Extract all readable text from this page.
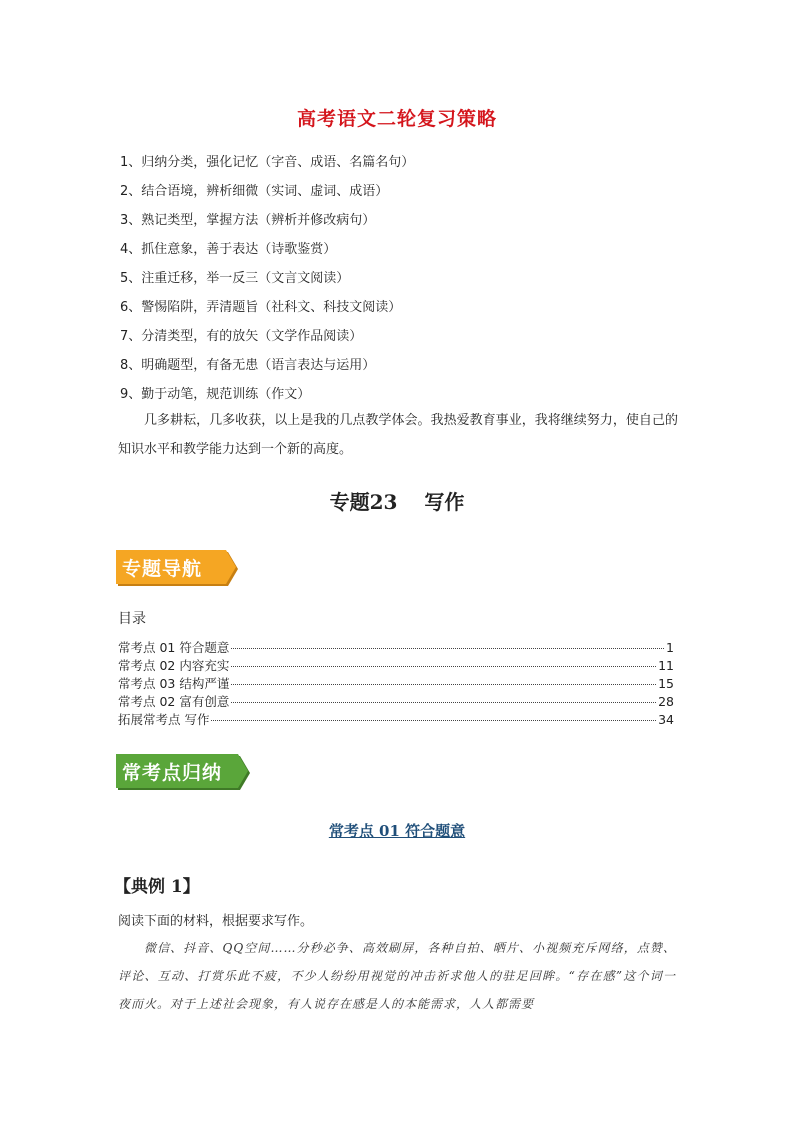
高考语文二轮复习策略
1、归纳分类，强化记忆（字音、成语、名篇名句）
2、结合语境，辨析细微（实词、虚词、成语）
3、熟记类型，掌握方法（辨析并修改病句）
4、抓住意象，善于表达（诗歌鉴赏）
5、注重迁移，举一反三（文言文阅读）
6、警惕陷阱，弄清题旨（社科文、科技文阅读）
7、分清类型，有的放矢（文学作品阅读）
8、明确题型，有备无患（语言表达与运用）
9、勤于动笔，规范训练（作文）
几多耕耘，几多收获，以上是我的几点教学体会。我热爱教育事业，我将继续努力，使自己的知识水平和教学能力达到一个新的高度。
专题23 写作
专题导航
目录
常考点 01 符合题意	1
常考点 02 内容充实	11
常考点 03 结构严谨	15
常考点 02 富有创意	28
拓展常考点 写作	34
常考点归纳
常考点 01 符合题意
【典例 1】
阅读下面的材料，根据要求写作。
微信、抖音、QQ空间……分秒必争、高效刷屏，各种自拍、晒片、小视频充斥网络，点赞、评论、互动、打赏乐此不疲，不少人纷纷用视觉的冲击祈求他人的驻足回眸。“存在感”这个词一夜而火。对于上述社会现象，有人说存在感是人的本能需求，人人都需要
